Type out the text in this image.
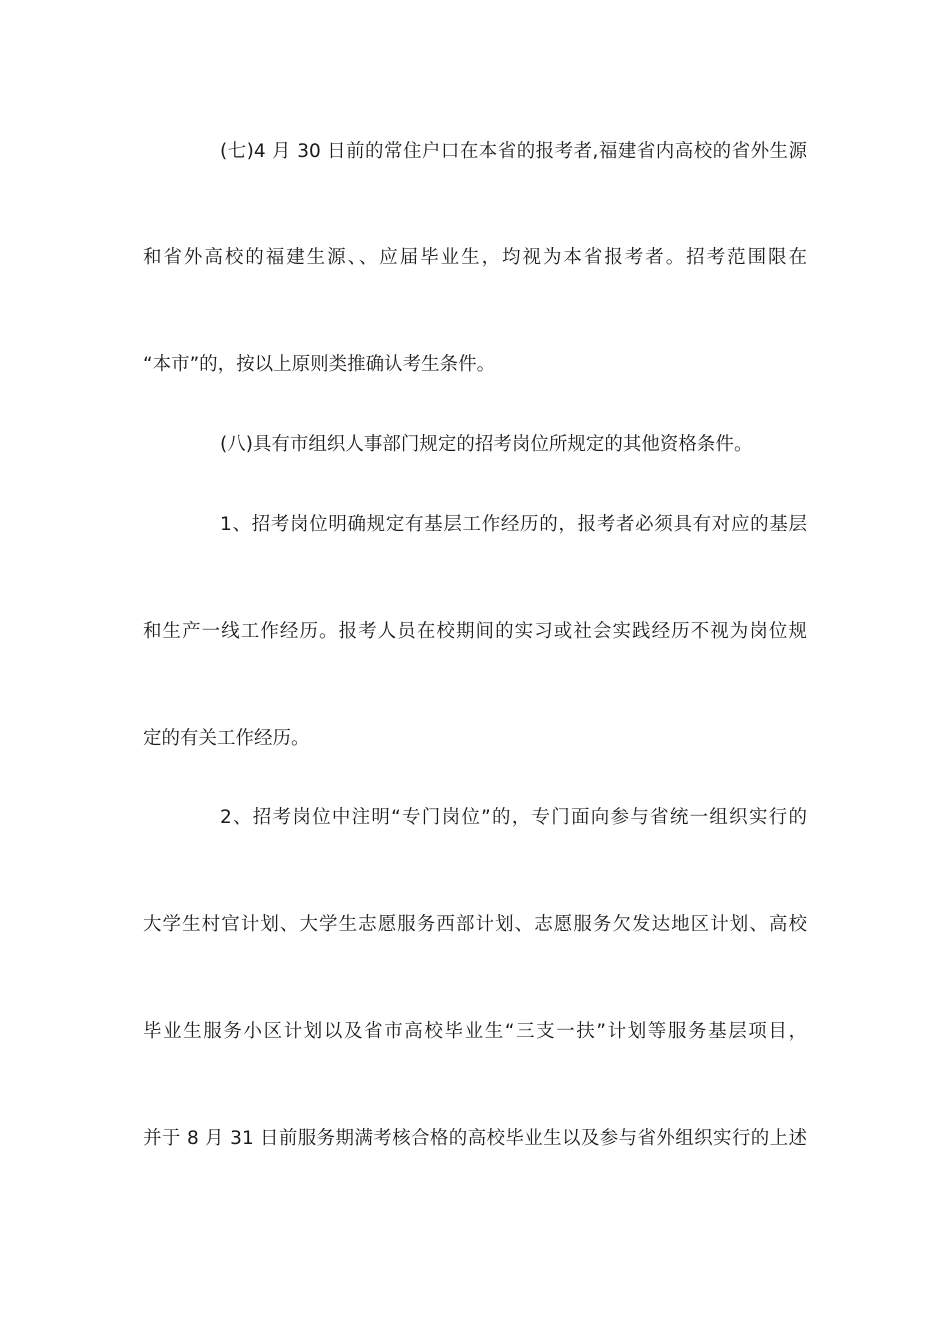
(七)4 月 30 日前的常住户口在本省的报考者,福建省内高校的省外生源
和省外高校的福建生源、、应届毕业生，均视为本省报考者。招考范围限在
“本市”的，按以上原则类推确认考生条件。
(八)具有市组织人事部门规定的招考岗位所规定的其他资格条件。
1、招考岗位明确规定有基层工作经历的，报考者必须具有对应的基层
和生产一线工作经历。报考人员在校期间的实习或社会实践经历不视为岗位规
定的有关工作经历。
2、招考岗位中注明“专门岗位”的，专门面向参与省统一组织实行的
大学生村官计划、大学生志愿服务西部计划、志愿服务欠发达地区计划、高校
毕业生服务小区计划以及省市高校毕业生“三支一扶”计划等服务基层项目，
并于 8 月 31 日前服务期满考核合格的高校毕业生以及参与省外组织实行的上述
